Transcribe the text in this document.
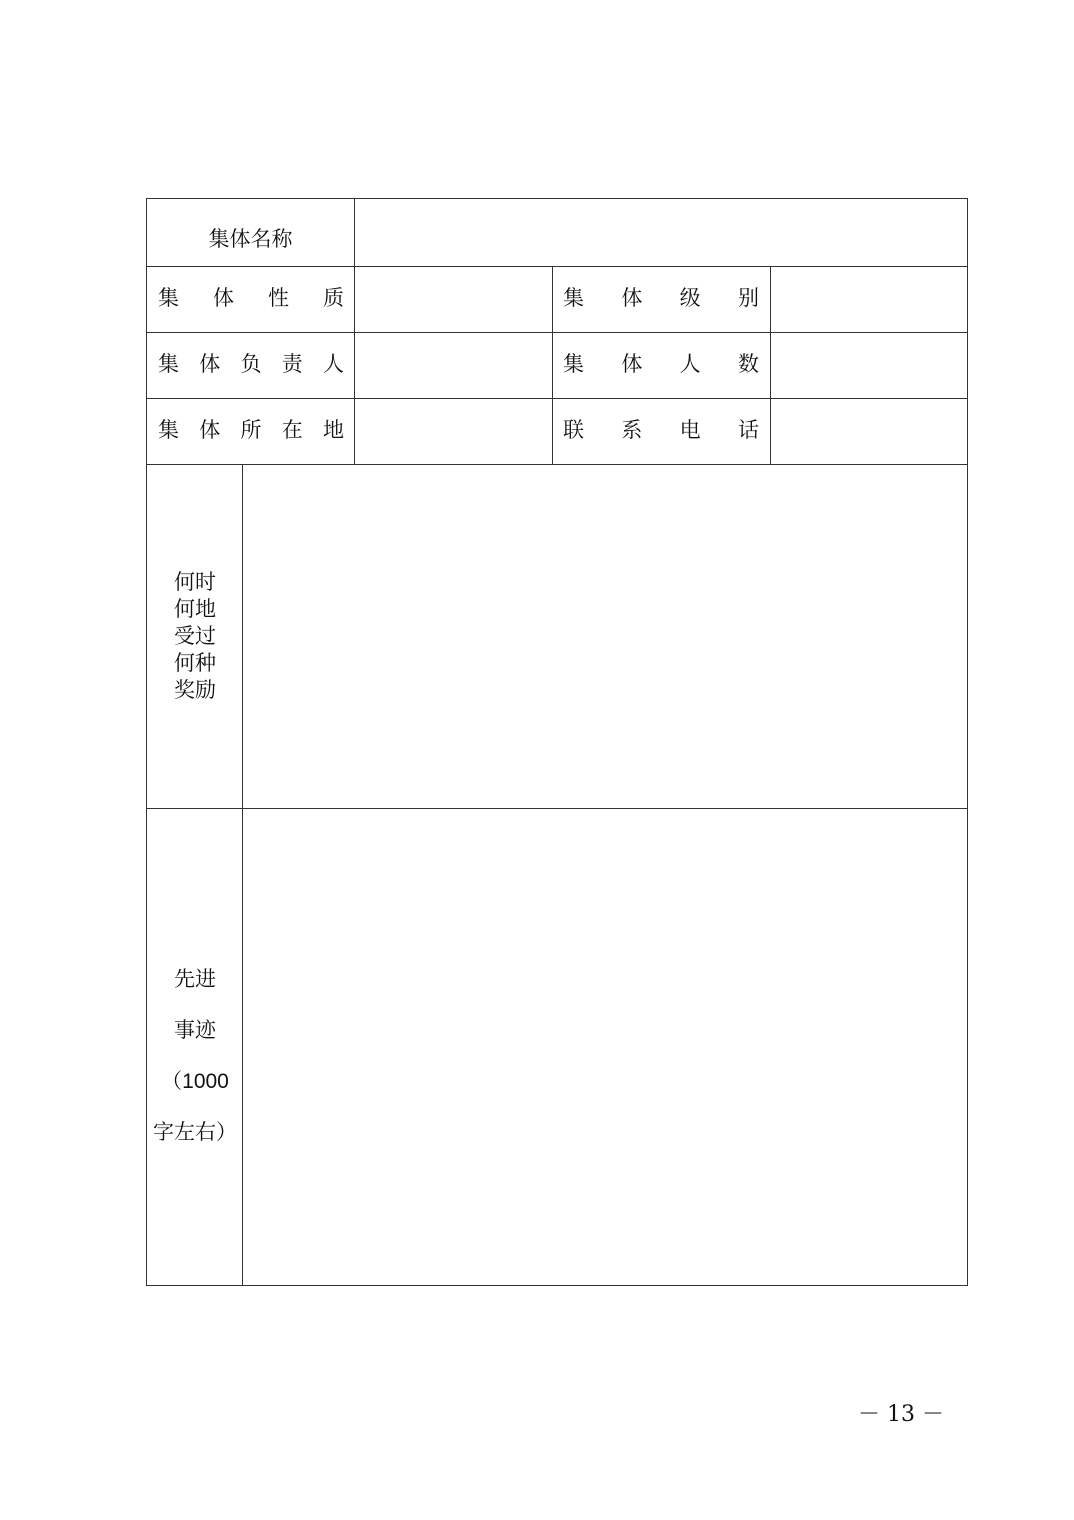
集体名称
集 体 性 质	集 体 级 别
集 体 负 责 人	集 体 人 数
集 体 所 在 地	联 系 电 话
何时
何地
受过
何种
奖励
先进
事迹
（1000
字左右）
－ 13 －
